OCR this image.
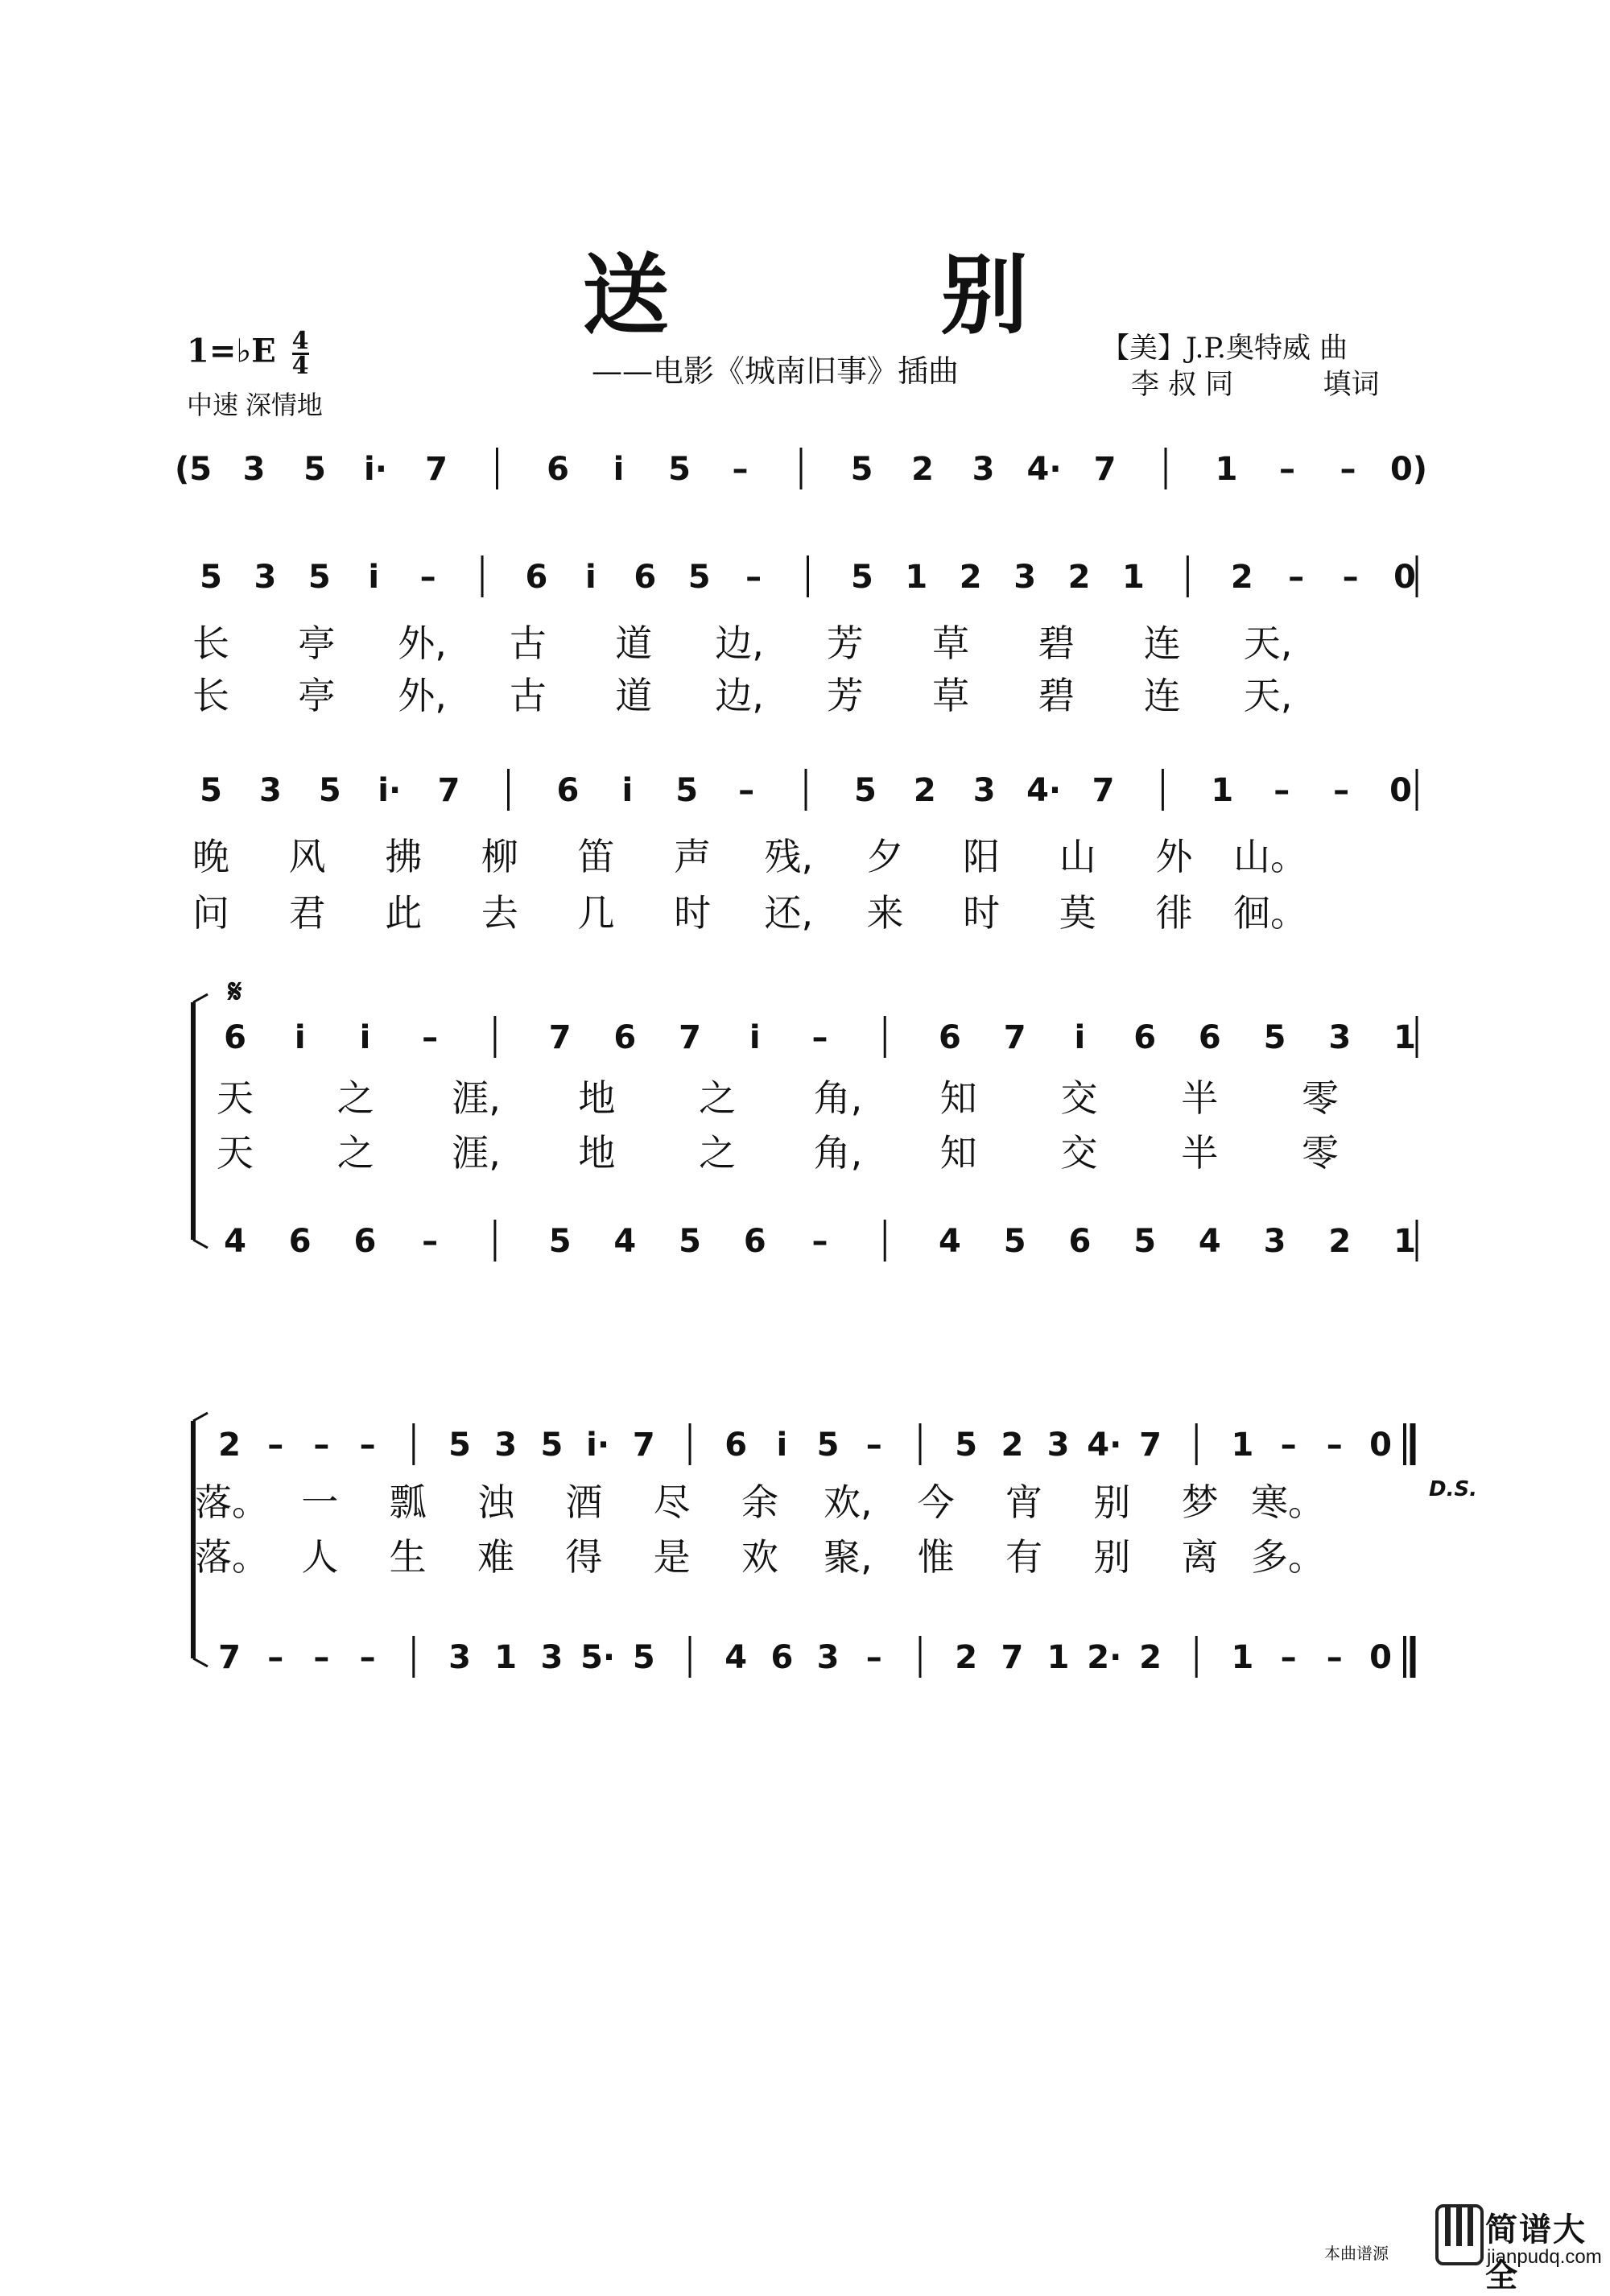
送 别
——电影《城南旧事》插曲
1=♭E $\frac{4}{4}$
中速 深情地
【美】J.P.奥特威 曲
李 叔 同          填词
(5 3 5 i· 7	6 i 5 –	5 2 3 4· 7	1 – – 0)
5 3 5 i –	6 i 6 5 –	5 1 2 3 2 1	2 – – 0
长 亭 外, 古 道 边, 芳 草 碧 连 天,
长 亭 外, 古 道 边, 芳 草 碧 连 天,
5 3 5 i· 7	6 i 5 –	5 2 3 4· 7	1 – – 0
晚 风 拂 柳 笛 声 残, 夕 阳 山 外 山。
问 君 此 去 几 时 还, 来 时 莫 徘 徊。
𝄋
6 i i –	7 6 7 i –	6 7 i 6 6 5 3 1
天 之 涯, 地 之 角, 知 交 半 零
天 之 涯, 地 之 角, 知 交 半 零
4 6 6 –	5 4 5 6 –	4 5 6 5 4 3 2 1
2 – – – 5 3 5 i· 7 6 i 5 – 5 2 3 4· 7 1 – – 0
落。 一 瓢 浊 酒 尽 余 欢, 今 宵 别 梦 寒。
落。 人 生 难 得 是 欢 聚, 惟 有 别 离 多。
7 – – – 3 1 3 5· 5 4 6 3 – 2 7 1 2· 2 1 – – 0
D.S.
本曲谱源
简谱大全
jianpudq.com
